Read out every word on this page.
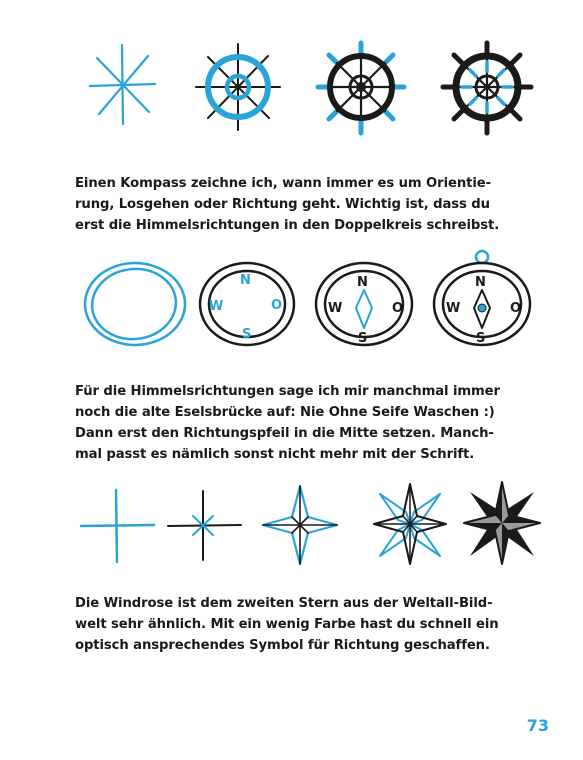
Einen Kompass zeichne ich, wann immer es um Orientie-
rung, Losgehen oder Richtung geht. Wichtig ist, dass du
erst die Himmelsrichtungen in den Doppelkreis schreibst.
N
O
S
W
N
O
S
W
N
O
S
W
Für die Himmelsrichtungen sage ich mir manchmal immer
noch die alte Eselsbrücke auf: Nie Ohne Seife Waschen :)
Dann erst den Richtungspfeil in die Mitte setzen. Manch-
mal passt es nämlich sonst nicht mehr mit der Schrift.
Die Windrose ist dem zweiten Stern aus der Weltall-Bild-
welt sehr ähnlich. Mit ein wenig Farbe hast du schnell ein
optisch ansprechendes Symbol für Richtung geschaffen.
73
